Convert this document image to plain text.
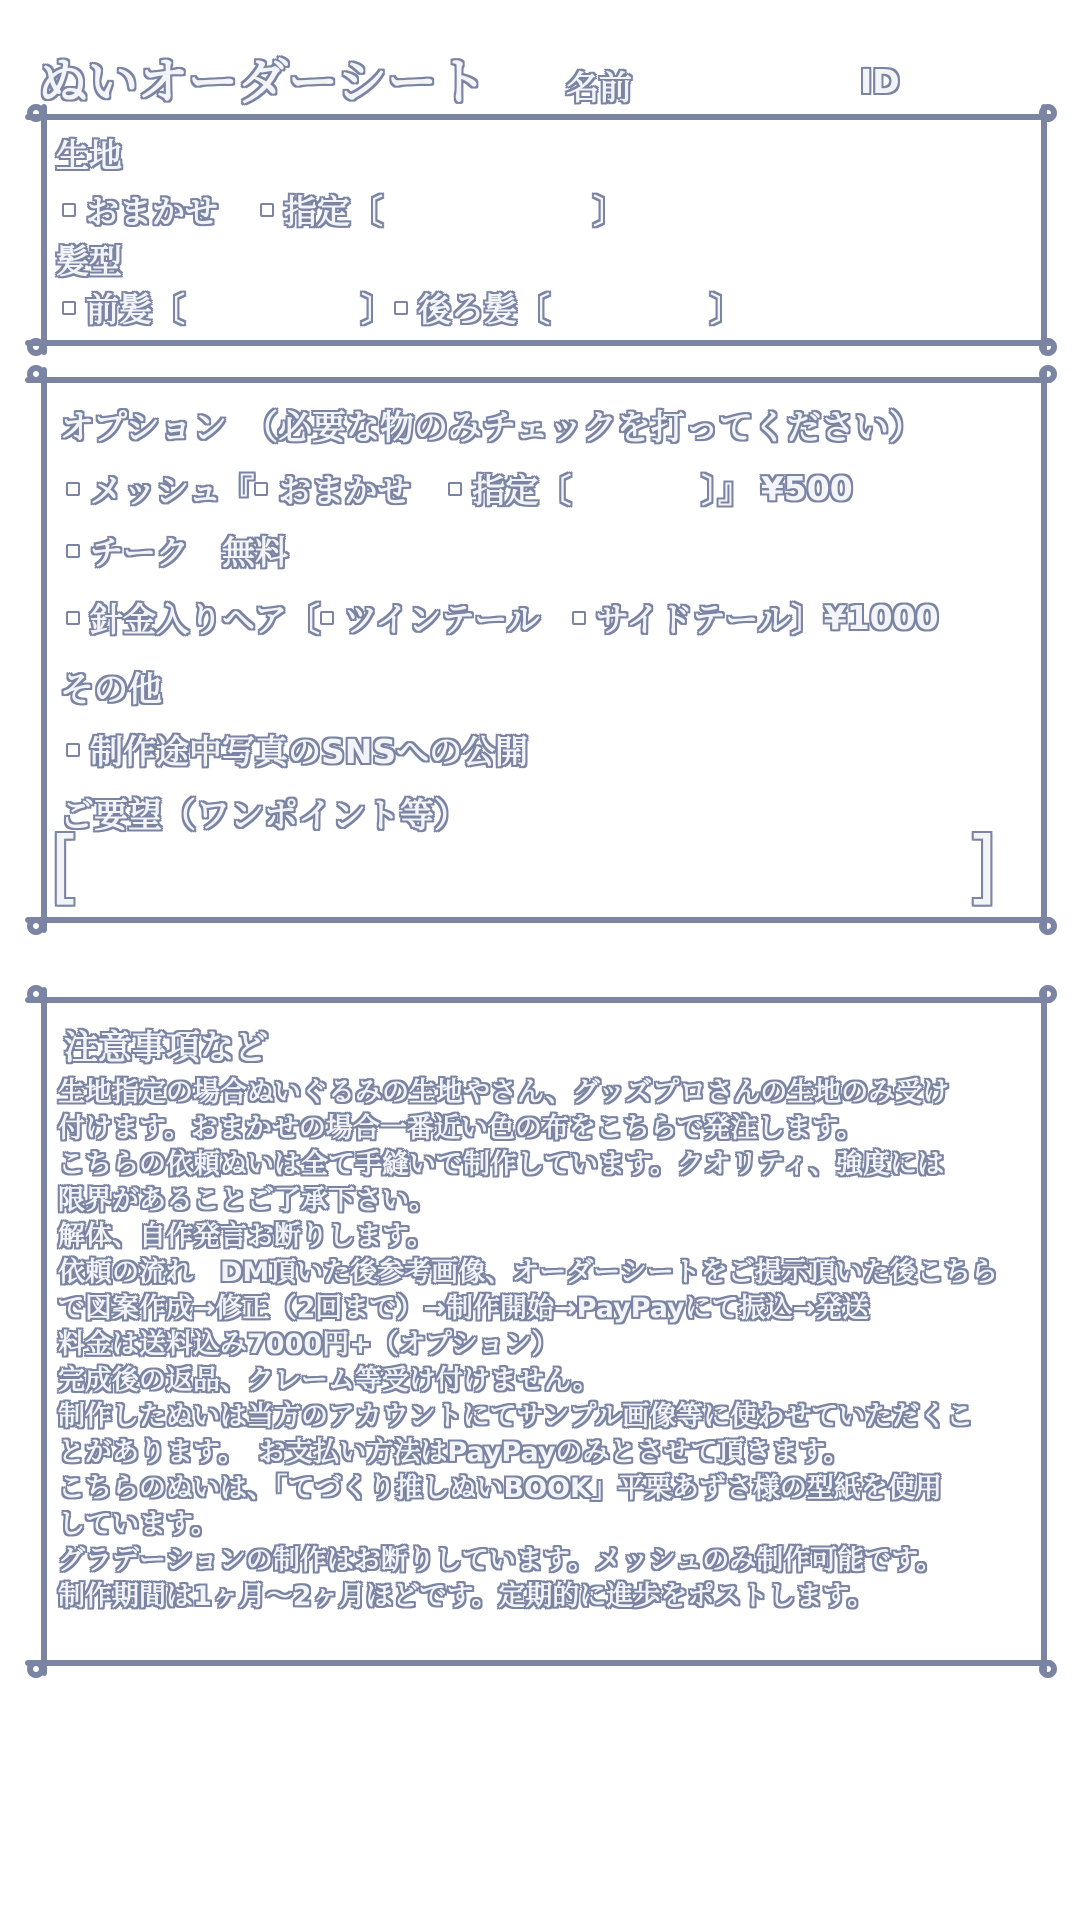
ぬいオーダーシート 名前	ID
生地
おまかせ 指定 〔	〕
髪型
前髪 〔	〕 後ろ髪 〔	〕
オプション　（必要な物のみチェックを打ってください）
メッシュ『 おまかせ 指定〔	〕』 ¥500
チーク　無料
針金入りヘア〔 ツインテール サイドテール〕 ¥1000
その他
制作途中写真のSNSへの公開
ご要望（ワンポイント等）
[	]
注意事項など
生地指定の場合ぬいぐるみの生地やさん、グッズプロさんの生地のみ受け
付けます。おまかせの場合一番近い色の布をこちらで発注します。
こちらの依頼ぬいは全て手縫いで制作しています。クオリティ、強度には
限界があることご了承下さい。
解体、自作発言お断りします。
依頼の流れ　DM頂いた後参考画像、オーダーシートをご提示頂いた後こちら
で図案作成→修正（2回まで）→制作開始→PayPayにて振込→発送
料金は送料込み7000円+（オプション）
完成後の返品、クレーム等受け付けません。
制作したぬいは当方のアカウントにてサンプル画像等に使わせていただくこ
とがあります。　お支払い方法はPayPayのみとさせて頂きます。
こちらのぬいは、「てづくり推しぬいBOOK」平栗あずさ様の型紙を使用
しています。
グラデーションの制作はお断りしています。メッシュのみ制作可能です。
制作期間は1ヶ月〜2ヶ月ほどです。定期的に進歩をポストします。
